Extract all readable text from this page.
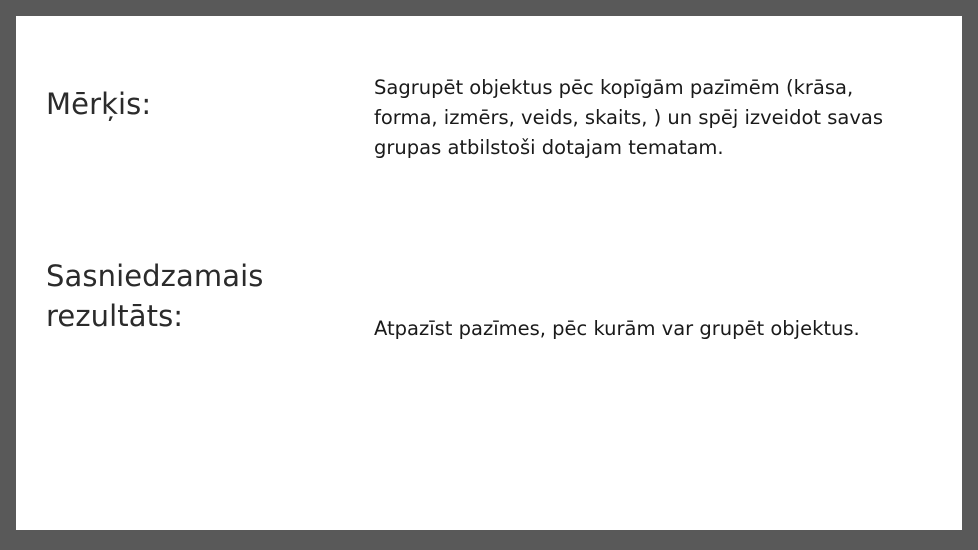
Mērķis:	Sagrupēt objektus pēc kopīgām pazīmēm (krāsa, forma, izmērs, veids, skaits, ) un spēj izveidot savas grupas atbilstoši dotajam tematam.
Sasniedzamais rezultāts:	Atpazīst pazīmes, pēc kurām var grupēt objektus.
